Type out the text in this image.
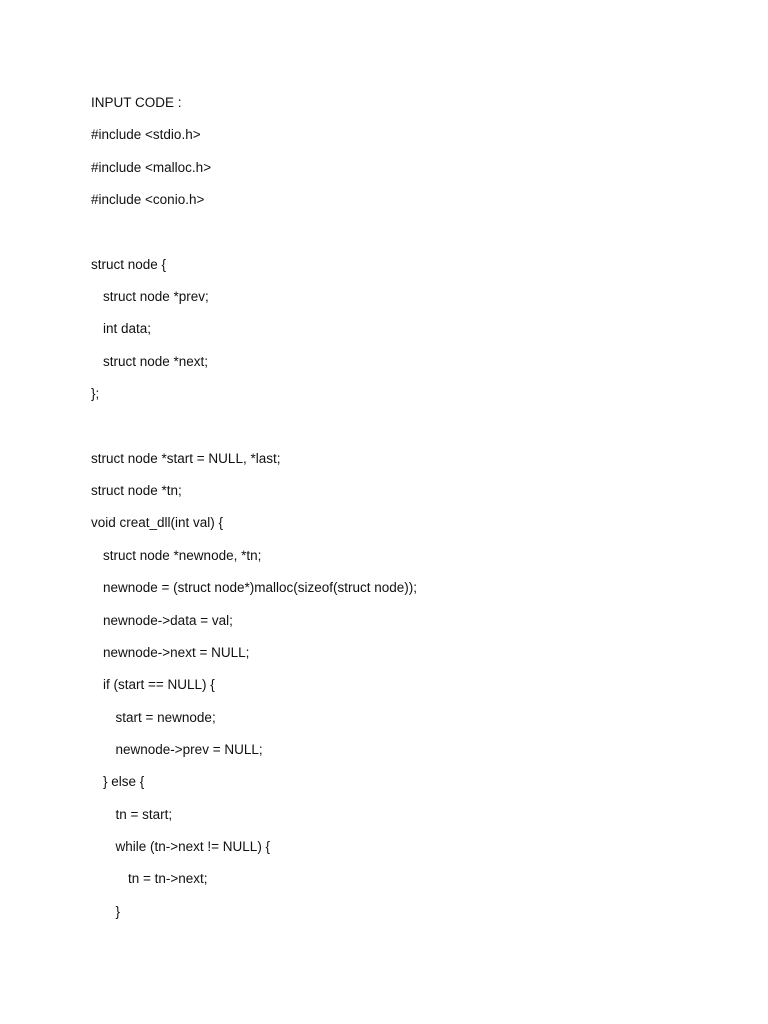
INPUT CODE :
#include <stdio.h>
#include <malloc.h>
#include <conio.h>
struct node {
struct node *prev;
int data;
struct node *next;
};
struct node *start = NULL, *last;
struct node *tn;
void creat_dll(int val) {
struct node *newnode, *tn;
newnode = (struct node*)malloc(sizeof(struct node));
newnode->data = val;
newnode->next = NULL;
if (start == NULL) {
start = newnode;
newnode->prev = NULL;
} else {
tn = start;
while (tn->next != NULL) {
tn = tn->next;
}
